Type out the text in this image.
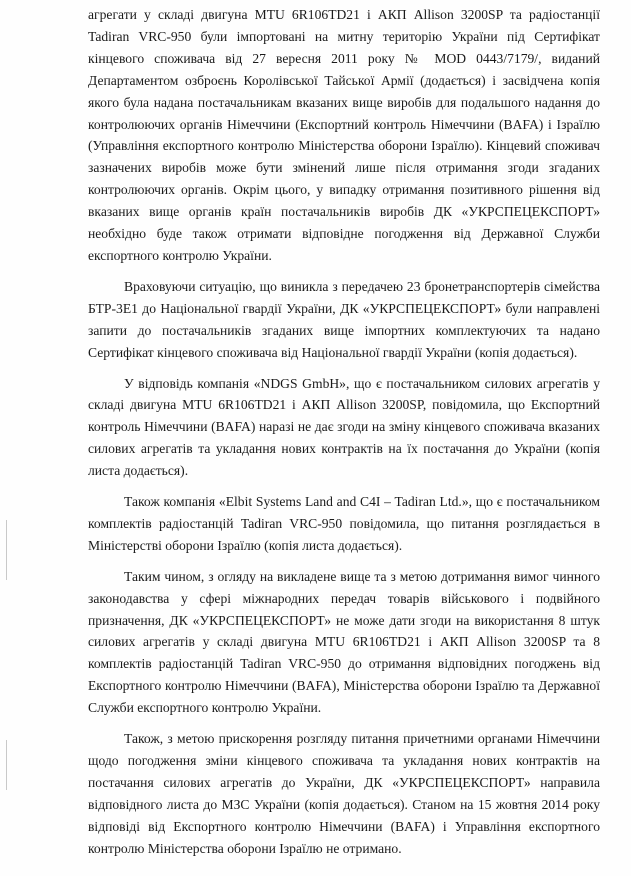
агрегати у складі двигуна MTU 6R106TD21 і АКП Allison 3200SP та радіостанції Tadiran VRC-950 були імпортовані на митну територію України під Сертифікат кінцевого споживача від 27 вересня 2011 року № MOD 0443/7179/, виданий Департаментом озброєнь Королівської Тайської Армії (додається) і засвідчена копія якого була надана постачальникам вказаних вище виробів для подальшого надання до контролюючих органів Німеччини (Експортний контроль Німеччини (BAFA) і Ізраїлю (Управління експортного контролю Міністерства оборони Ізраїлю). Кінцевий споживач зазначених виробів може бути змінений лише після отримання згоди згаданих контролюючих органів. Окрім цього, у випадку отримання позитивного рішення від вказаних вище органів країн постачальників виробів ДК «УКРСПЕЦЕКСПОРТ» необхідно буде також отримати відповідне погодження від Державної Служби експортного контролю України.

Враховуючи ситуацію, що виникла з передачею 23 бронетранспортерів сімейства БТР-3Е1 до Національної гвардії України, ДК «УКРСПЕЦЕКСПОРТ» були направлені запити до постачальників згаданих вище імпортних комплектуючих та надано Сертифікат кінцевого споживача від Національної гвардії України (копія додається).

У відповідь компанія «NDGS GmbH», що є постачальником силових агрегатів у складі двигуна MTU 6R106TD21 і АКП Allison 3200SP, повідомила, що Експортний контроль Німеччини (BAFA) наразі не дає згоди на зміну кінцевого споживача вказаних силових агрегатів та укладання нових контрактів на їх постачання до України (копія листа додається).

Також компанія «Elbit Systems Land and C4I – Tadiran Ltd.», що є постачальником комплектів радіостанцій Tadiran VRC-950 повідомила, що питання розглядається в Міністерстві оборони Ізраїлю (копія листа додається).

Таким чином, з огляду на викладене вище та з метою дотримання вимог чинного законодавства у сфері міжнародних передач товарів військового і подвійного призначення, ДК «УКРСПЕЦЕКСПОРТ» не може дати згоди на використання 8 штук силових агрегатів у складі двигуна MTU 6R106TD21 і АКП Allison 3200SP та 8 комплектів радіостанцій Tadiran VRC-950 до отримання відповідних погоджень від Експортного контролю Німеччини (BAFA), Міністерства оборони Ізраїлю та Державної Служби експортного контролю України.

Також, з метою прискорення розгляду питання причетними органами Німеччини щодо погодження зміни кінцевого споживача та укладання нових контрактів на постачання силових агрегатів до України, ДК «УКРСПЕЦЕКСПОРТ» направила відповідного листа до МЗС України (копія додається). Станом на 15 жовтня 2014 року відповіді від Експортного контролю Німеччини (BAFA) і Управління експортного контролю Міністерства оборони Ізраїлю не отримано.
